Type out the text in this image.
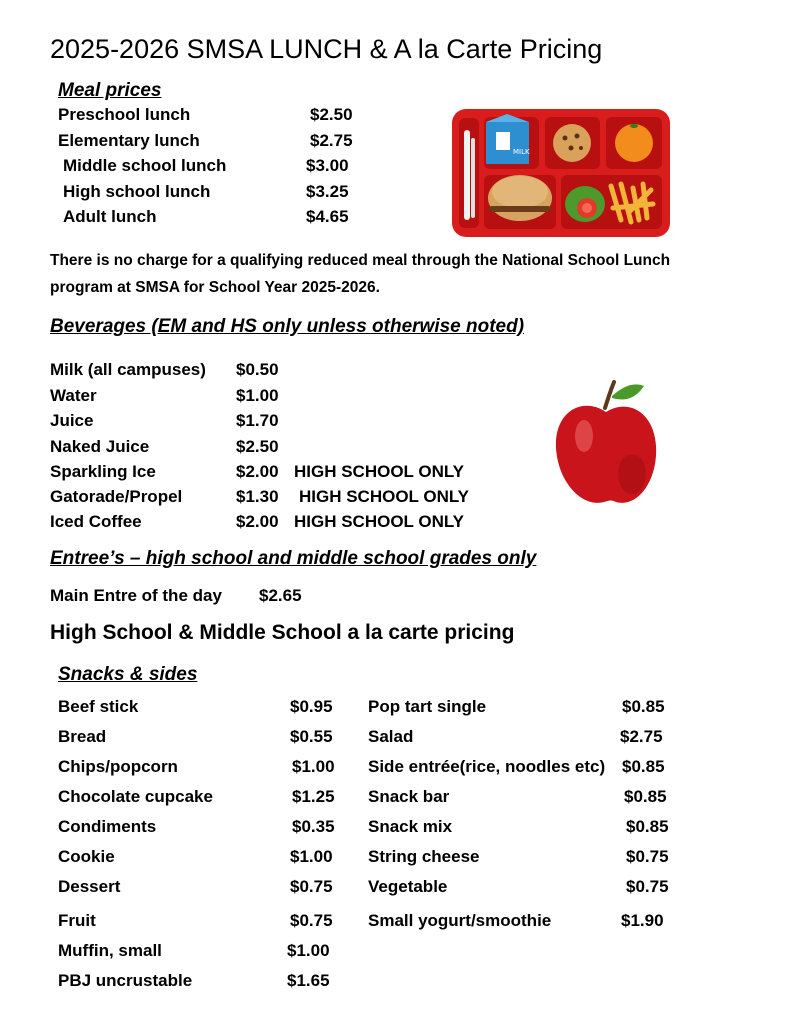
2025-2026 SMSA LUNCH & A la Carte Pricing
Meal prices
Preschool lunch	$2.50
Elementary lunch	$2.75
Middle school lunch	$3.00
High school lunch	$3.25
Adult lunch	$4.65
MILK
There is no charge for a qualifying reduced meal through the National School Lunch program at SMSA for School Year 2025-2026.
Beverages (EM and HS only unless otherwise noted)
Milk (all campuses) $0.50
Water	$1.00
Juice	$1.70
Naked Juice	$2.50
Sparkling Ice	$2.00 HIGH SCHOOL ONLY
Gatorade/Propel	$1.30 HIGH SCHOOL ONLY
Iced Coffee	$2.00 HIGH SCHOOL ONLY
Entree’s – high school and middle school grades only
Main Entre of the day $2.65
High School & Middle School a la carte pricing
Snacks & sides
Beef stick	$0.95
Bread	$0.55
Chips/popcorn	$1.00
Chocolate cupcake	$1.25
Condiments	$0.35
Cookie	$1.00
Dessert	$0.75
Fruit	$0.75
Muffin, small	$1.00
PBJ uncrustable	$1.65
Pop tart single	$0.85
Salad	$2.75
Side entrée(rice, noodles etc) $0.85
Snack bar	$0.85
Snack mix	$0.85
String cheese	$0.75
Vegetable	$0.75
Small yogurt/smoothie	$1.90
